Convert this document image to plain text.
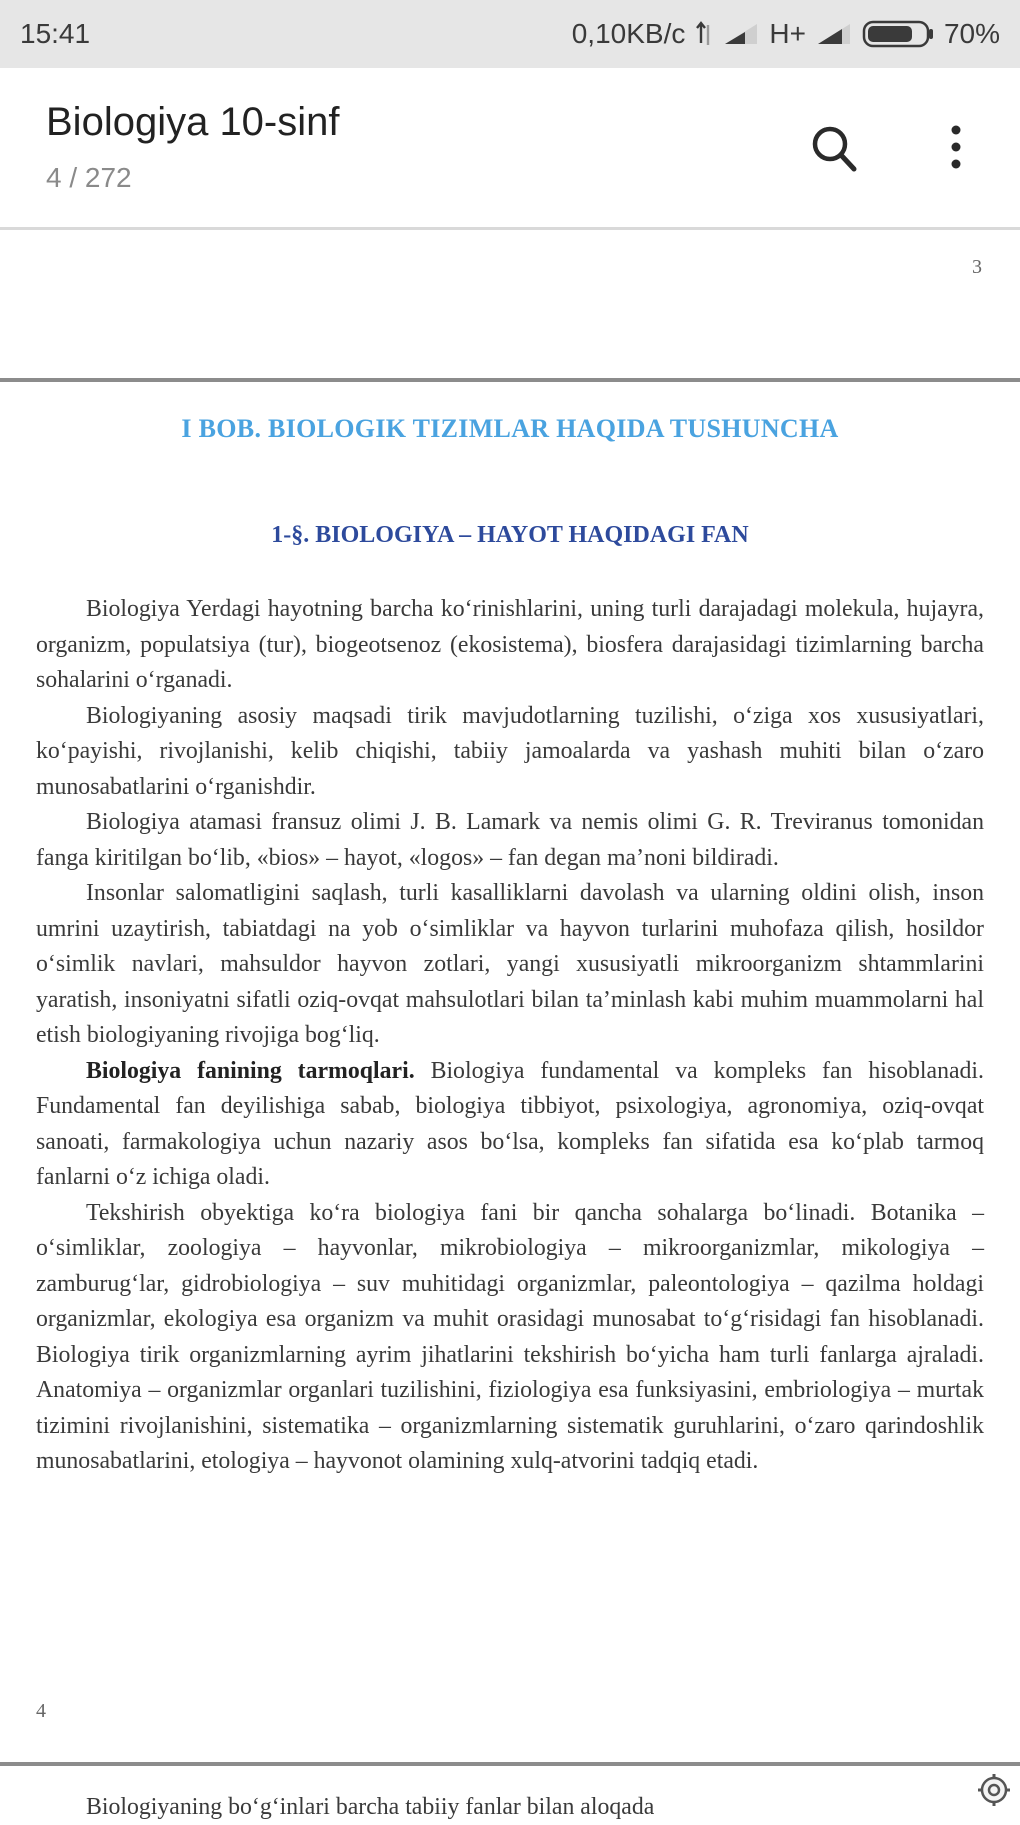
15:41	0,10KB/c	H+	70%
Biologiya 10-sinf
4 / 272
3
I BOB. BIOLOGIK TIZIMLAR HAQIDA TUSHUNCHA
1-§. BIOLOGIYA – HAYOT HAQIDAGI FAN

Biologiya Yerdagi hayotning barcha ko‘rinishlarini, uning turli darajadagi molekula, hujayra, organizm, populatsiya (tur), biogeotsenoz (ekosistema), biosfera darajasidagi tizimlarning barcha sohalarini o‘rganadi.

Biologiyaning asosiy maqsadi tirik mavjudotlarning tuzilishi, o‘ziga xos xususiyatlari, ko‘payishi, rivojlanishi, kelib chiqishi, tabiiy jamoalarda va yashash muhiti bilan o‘zaro munosabatlarini o‘rganishdir.

Biologiya atamasi fransuz olimi J. B. Lamark va nemis olimi G. R. Treviranus tomonidan fanga kiritilgan bo‘lib, «bios» – hayot, «logos» – fan degan ma’noni bildiradi.

Insonlar salomatligini saqlash, turli kasalliklarni davolash va ularning oldini olish, inson umrini uzaytirish, tabiatdagi na yob o‘simliklar va hayvon turlarini muhofaza qilish, hosildor o‘simlik navlari, mahsuldor hayvon zotlari, yangi xususiyatli mikroorganizm shtammlarini yaratish, insoniyatni sifatli oziq-ovqat mahsulotlari bilan ta’minlash kabi muhim muammolarni hal etish biologiyaning rivojiga bog‘liq.

Biologiya fanining tarmoqlari. Biologiya fundamental va kompleks fan hisoblanadi. Fundamental fan deyilishiga sabab, biologiya tibbiyot, psixologiya, agronomiya, oziq-ovqat sanoati, farmakologiya uchun nazariy asos bo‘lsa, kompleks fan sifatida esa ko‘plab tarmoq fanlarni o‘z ichiga oladi.

Tekshirish obyektiga ko‘ra biologiya fani bir qancha sohalarga bo‘linadi. Botanika – o‘simliklar, zoologiya – hayvonlar, mikrobiologiya – mikroorganizmlar, mikologiya – zamburug‘lar, gidrobiologiya – suv muhitidagi organizmlar, paleontologiya – qazilma holdagi organizmlar, ekologiya esa organizm va muhit orasidagi munosabat to‘g‘risidagi fan hisoblanadi. Biologiya tirik organizmlarning ayrim jihatlarini tekshirish bo‘yicha ham turli fanlarga ajraladi. Anatomiya – organizmlar organlari tuzilishini, fiziologiya esa funksiyasini, embriologiya – murtak tizimini rivojlanishini, sistematika – organizmlarning sistematik guruhlarini, o‘zaro qarindoshlik munosabatlarini, etologiya – hayvonot olamining xulq-atvorini tadqiq etadi.

4
Biologiyaning bo‘g‘inlari barcha tabiiy fanlar bilan aloqada
